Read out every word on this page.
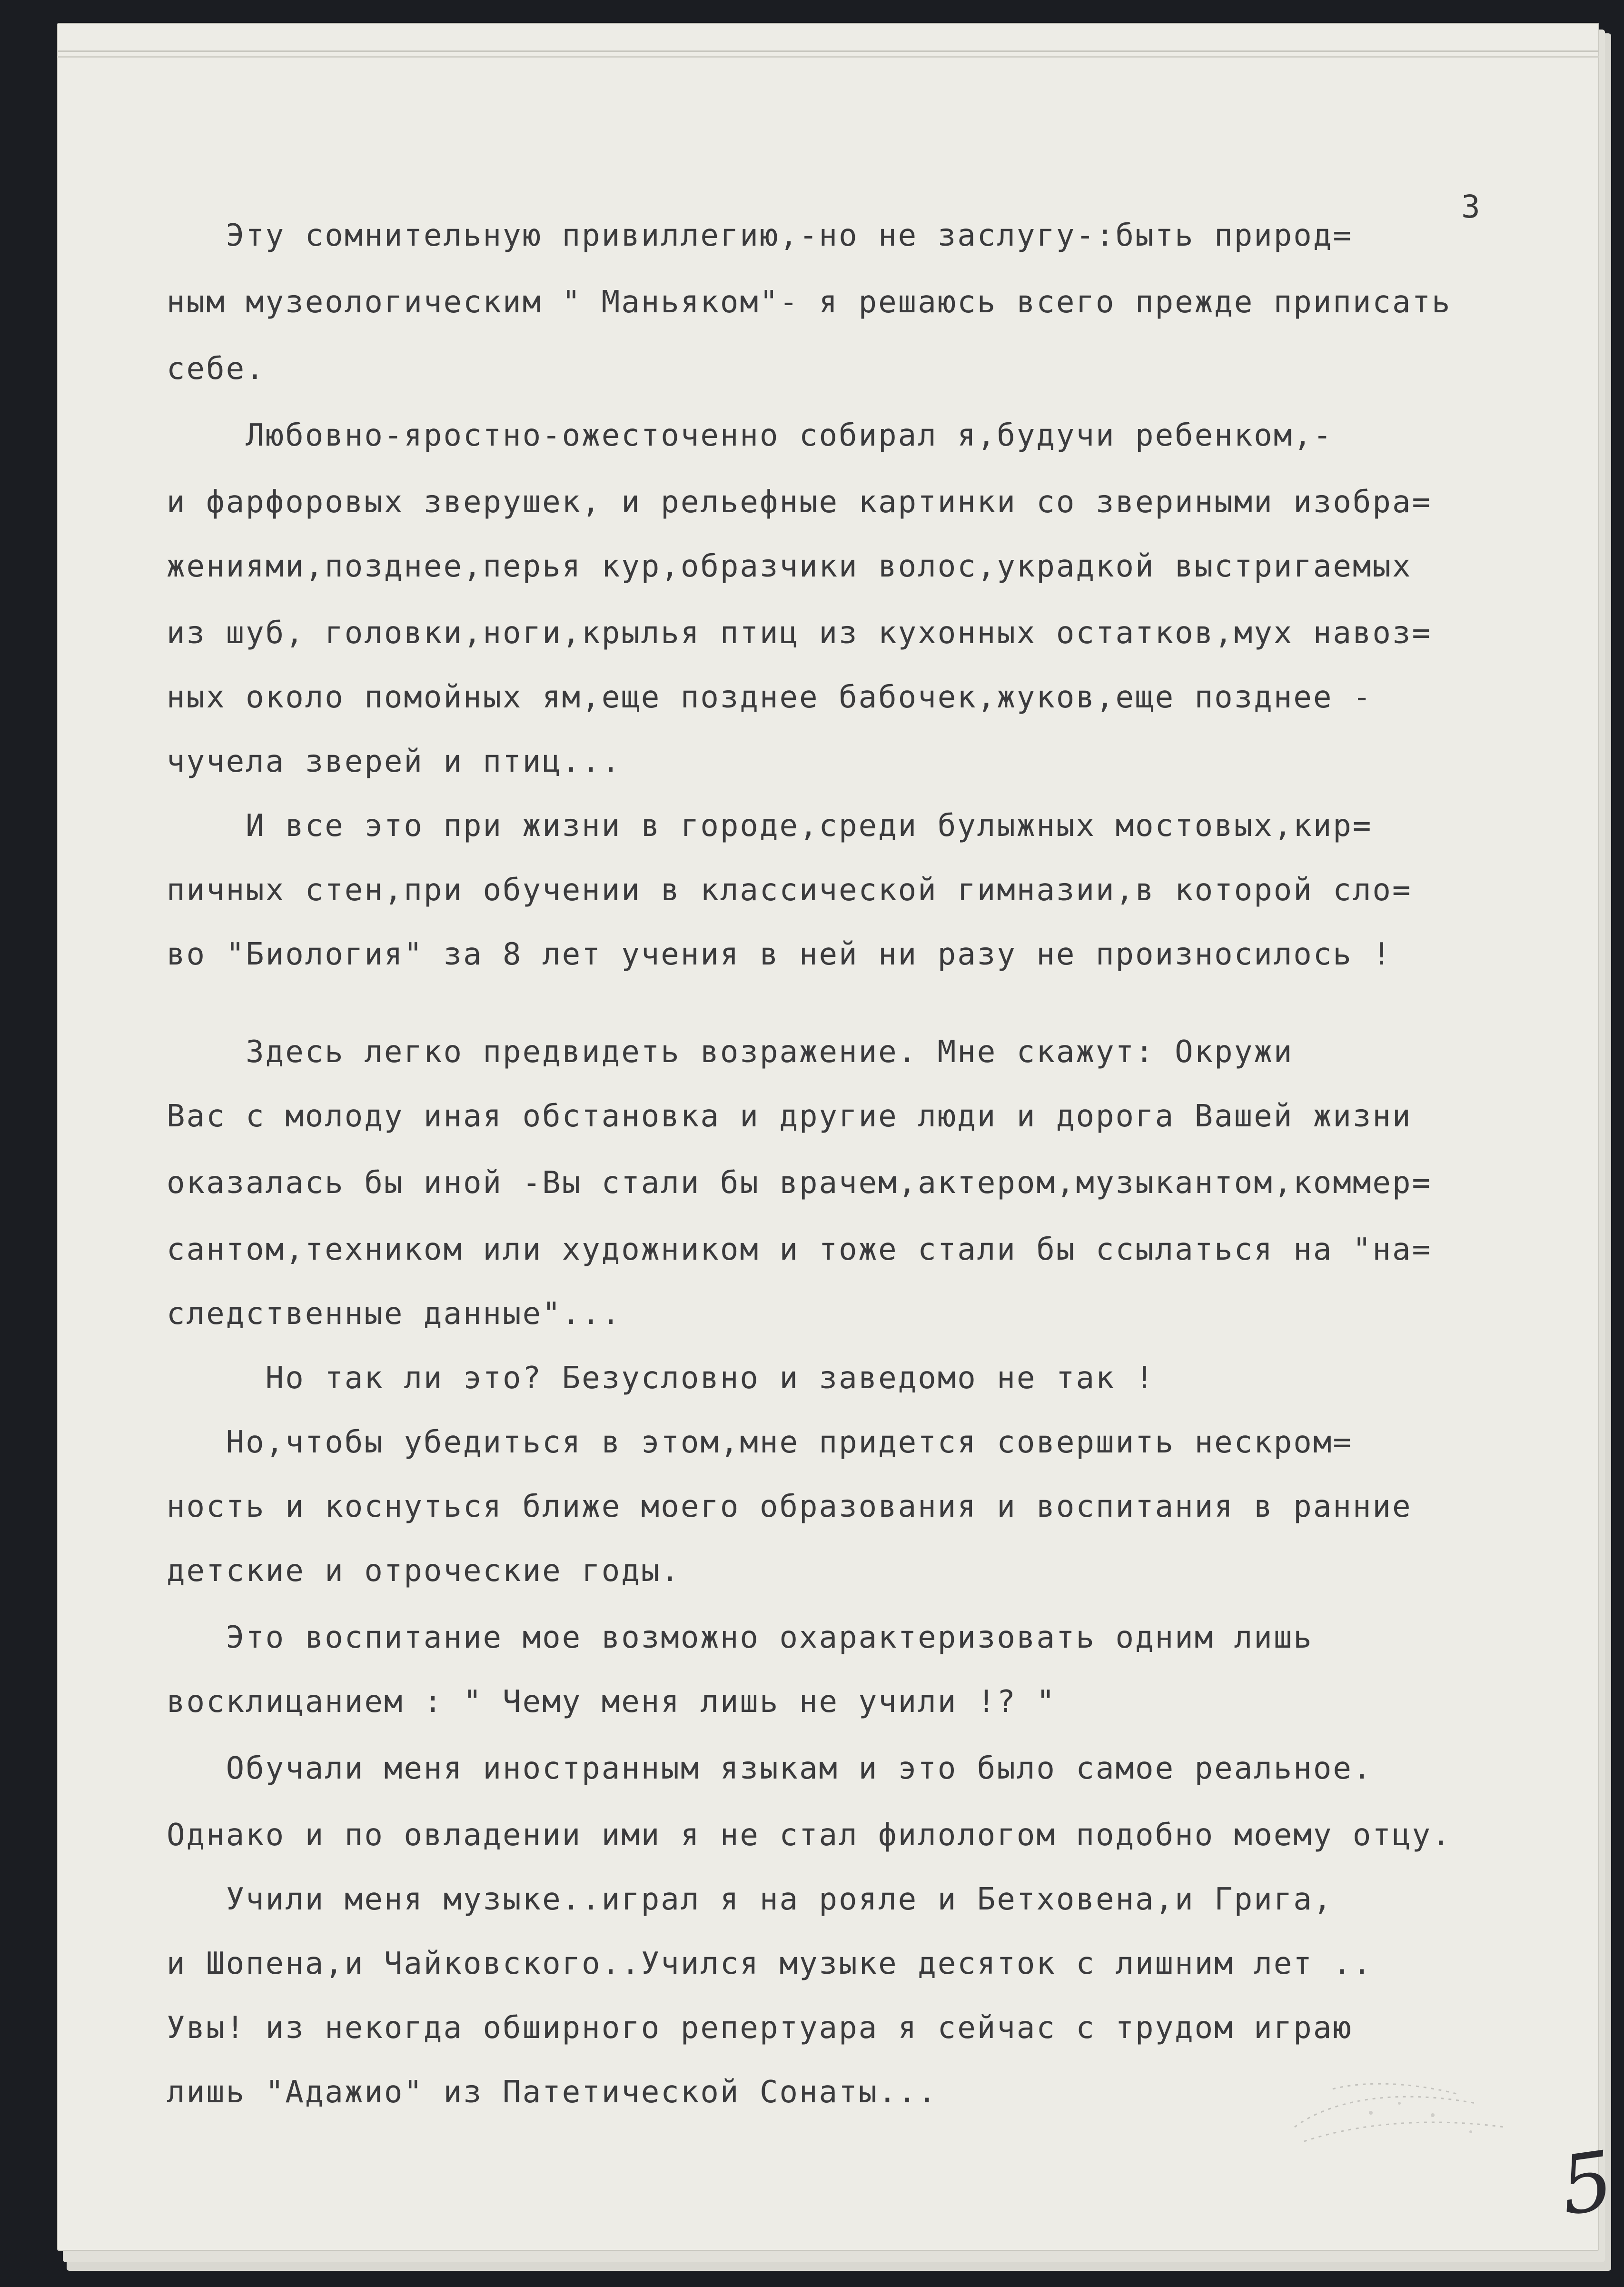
3

Эту сомнительную привиллегию,-но не заслугу-:быть природ=

ным музеологическим " Маньяком"- я решаюсь всего прежде приписать

себе.

Любовно-яростно-ожесточенно собирал я,будучи ребенком,-

и фарфоровых зверушек, и рельефные картинки со звериными изобра=

жениями,позднее,перья кур,образчики волос,украдкой выстригаемых

из шуб, головки,ноги,крылья птиц из кухонных остатков,мух навоз=

ных около помойных ям,еще позднее бабочек,жуков,еще позднее -

чучела зверей и птиц...

И все это при жизни в городе,среди булыжных мостовых,кир=

пичных стен,при обучении в классической гимназии,в которой сло=

во "Биология" за 8 лет учения в ней ни разу не произносилось !

Здесь легко предвидеть возражение. Мне скажут: Окружи

Вас с молоду иная обстановка и другие люди и дорога Вашей жизни

оказалась бы иной -Вы стали бы врачем,актером,музыкантом,коммер=

сантом,техником или художником и тоже стали бы ссылаться на "на=

следственные данные"...

Но так ли это? Безусловно и заведомо не так !

Но,чтобы убедиться в этом,мне придется совершить нескром=

ность и коснуться ближе моего образования и воспитания в ранние

детские и отроческие годы.

Это воспитание мое возможно охарактеризовать одним лишь

восклицанием : " Чему меня лишь не учили !? "

Обучали меня иностранным языкам и это было самое реальное.

Однако и по овладении ими я не стал филологом подобно моему отцу.

Учили меня музыке..играл я на рояле и Бетховена,и Грига,

и Шопена,и Чайковского..Учился музыке десяток с лишним лет ..

Увы! из некогда обширного репертуара я сейчас с трудом играю

лишь "Адажио" из Патетической Сонаты...

5
